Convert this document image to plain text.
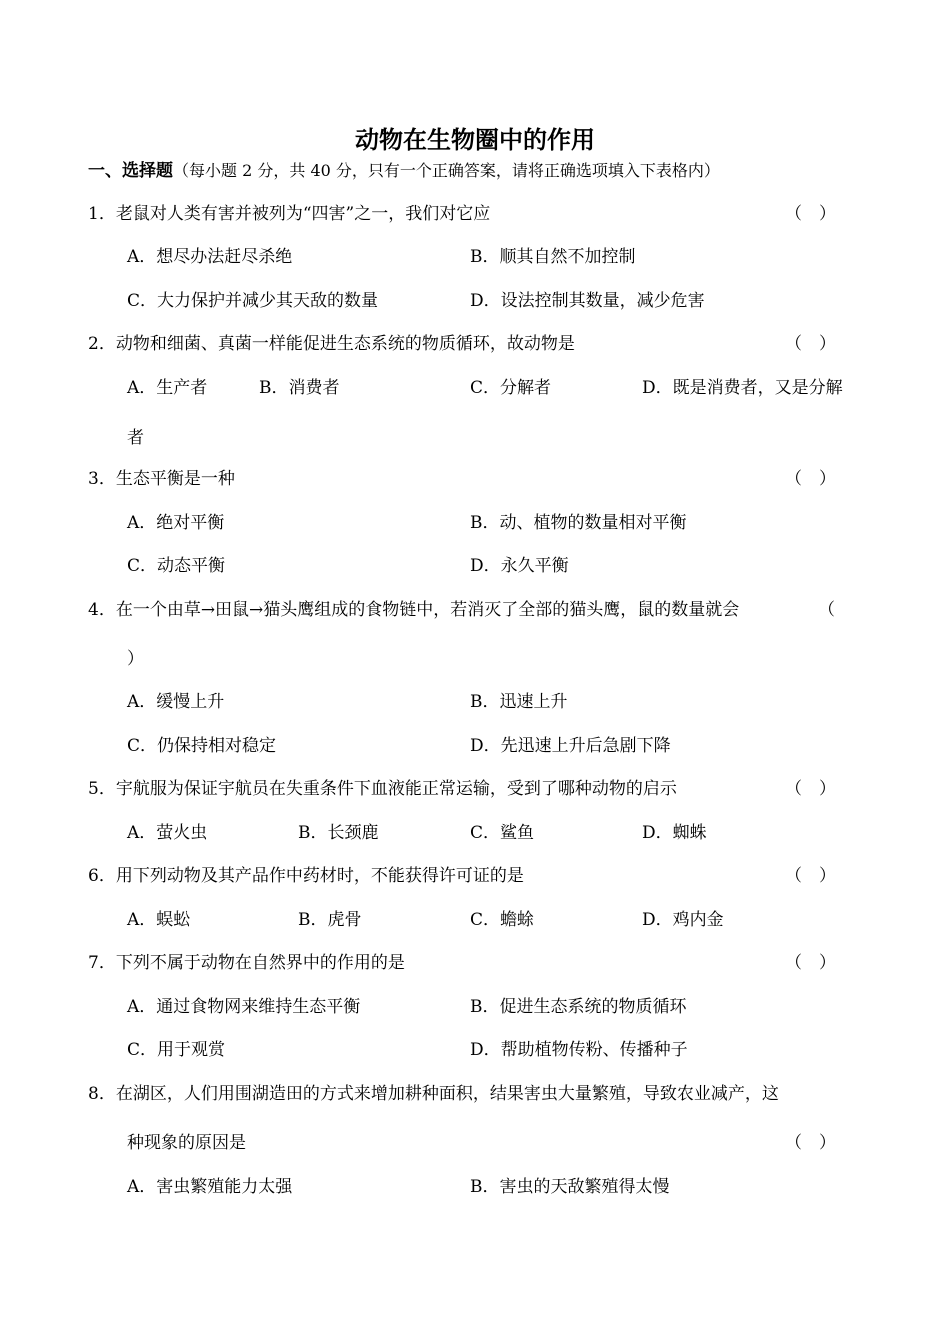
动物在生物圈中的作用
一、选择题（每小题 2 分，共 40 分，只有一个正确答案，请将正确选项填入下表格内）
1．老鼠对人类有害并被列为“四害”之一，我们对它应	（　）
A．想尽办法赶尽杀绝	B．顺其自然不加控制
C．大力保护并减少其天敌的数量	D．设法控制其数量，减少危害
2．动物和细菌、真菌一样能促进生态系统的物质循环，故动物是	（　）
A．生产者	B．消费者	C．分解者	D．既是消费者，又是分解
者
3．生态平衡是一种	（　）
A．绝对平衡	B．动、植物的数量相对平衡
C．动态平衡	D．永久平衡
4．在一个由草→田鼠→猫头鹰组成的食物链中，若消灭了全部的猫头鹰，鼠的数量就会	（
）
A．缓慢上升	B．迅速上升
C．仍保持相对稳定	D．先迅速上升后急剧下降
5．宇航服为保证宇航员在失重条件下血液能正常运输，受到了哪种动物的启示	（　）
A．萤火虫	B．长颈鹿	C．鲨鱼	D．蜘蛛
6．用下列动物及其产品作中药材时，不能获得许可证的是	（　）
A．蜈蚣	B．虎骨	C．蟾蜍	D．鸡内金
7．下列不属于动物在自然界中的作用的是	（　）
A．通过食物网来维持生态平衡	B．促进生态系统的物质循环
C．用于观赏	D．帮助植物传粉、传播种子
8．在湖区，人们用围湖造田的方式来增加耕种面积，结果害虫大量繁殖，导致农业减产，这
种现象的原因是	（　）
A．害虫繁殖能力太强	B．害虫的天敌繁殖得太慢
